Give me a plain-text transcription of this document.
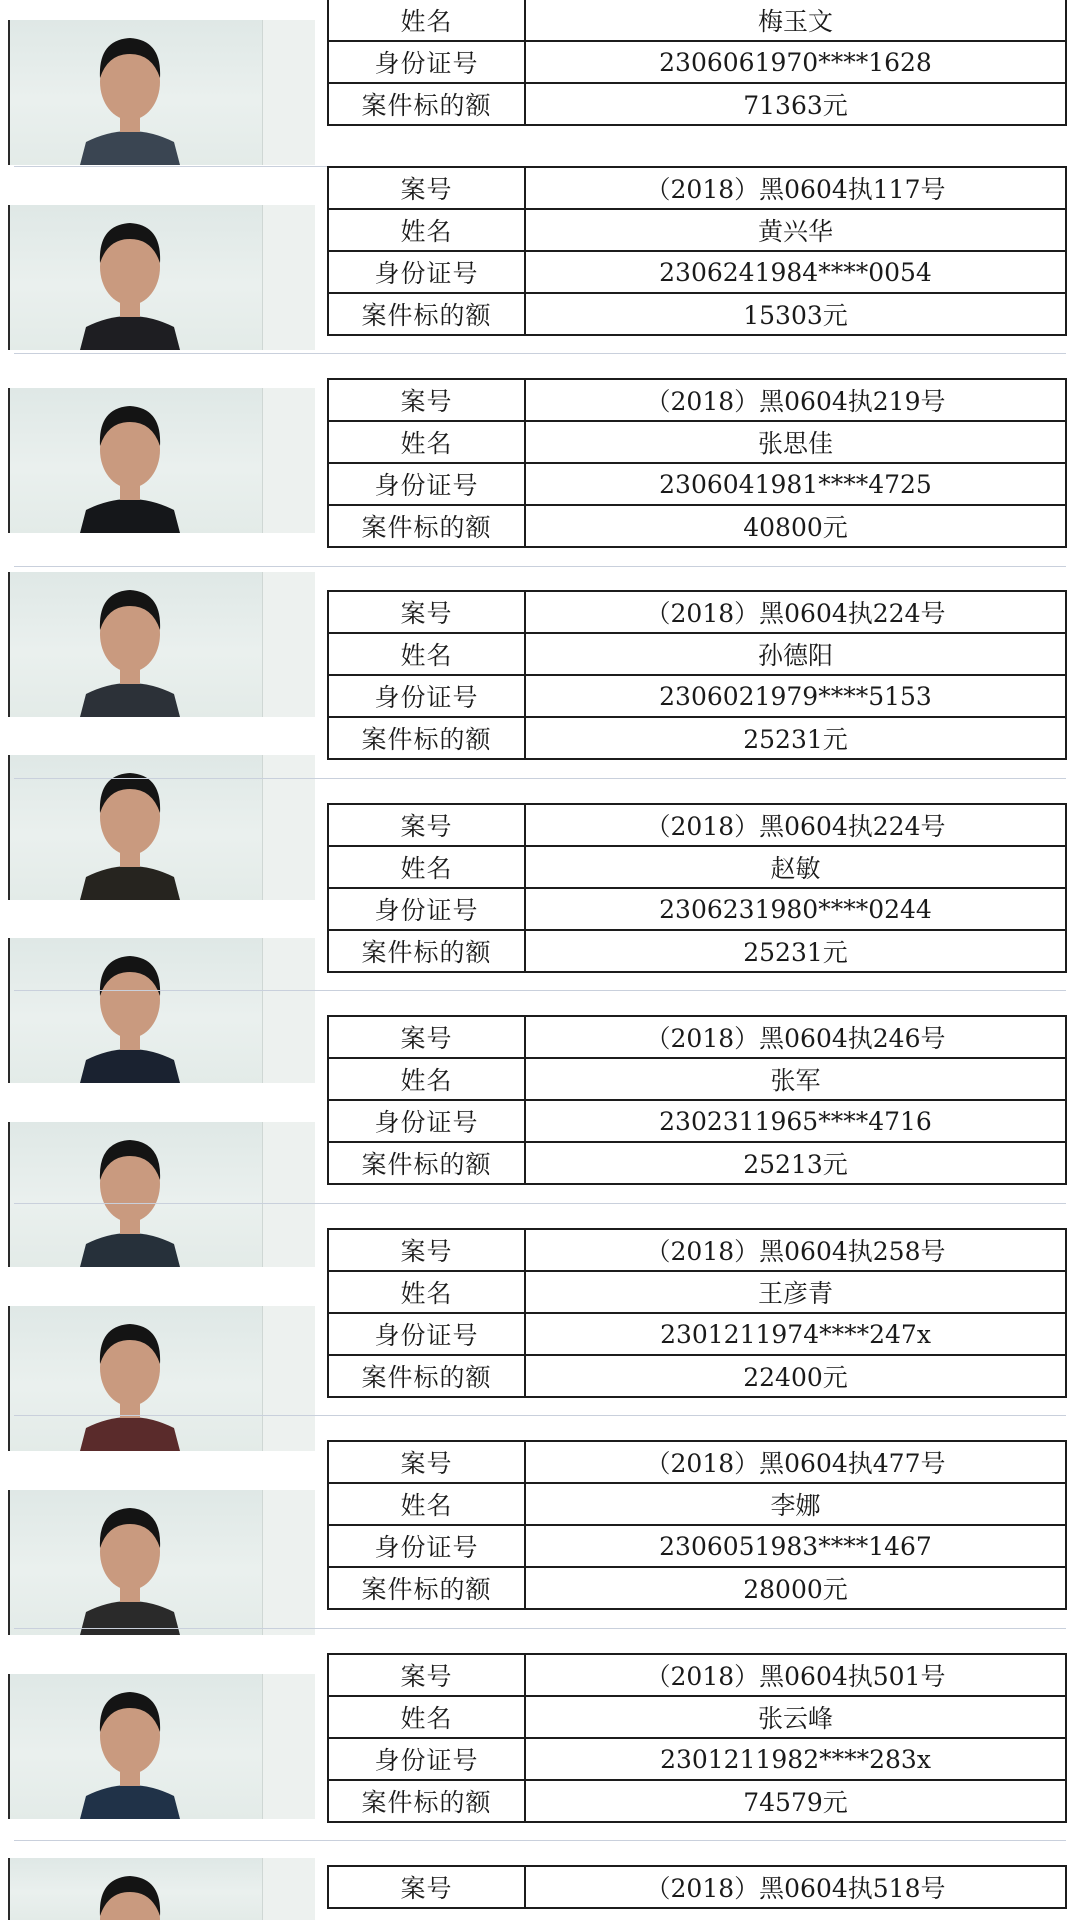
姓名	梅玉文
身份证号	2306061970****1628
案件标的额	71363元
案号	（2018）黑0604执117号
姓名	黄兴华
身份证号	2306241984****0054
案件标的额	15303元
案号	（2018）黑0604执219号
姓名	张思佳
身份证号	2306041981****4725
案件标的额	40800元
案号	（2018）黑0604执224号
姓名	孙德阳
身份证号	2306021979****5153
案件标的额	25231元
案号	（2018）黑0604执224号
姓名	赵敏
身份证号	2306231980****0244
案件标的额	25231元
案号	（2018）黑0604执246号
姓名	张军
身份证号	2302311965****4716
案件标的额	25213元
案号	（2018）黑0604执258号
姓名	王彦青
身份证号	2301211974****247x
案件标的额	22400元
案号	（2018）黑0604执477号
姓名	李娜
身份证号	2306051983****1467
案件标的额	28000元
案号	（2018）黑0604执501号
姓名	张云峰
身份证号	2301211982****283x
案件标的额	74579元
案号	（2018）黑0604执518号
